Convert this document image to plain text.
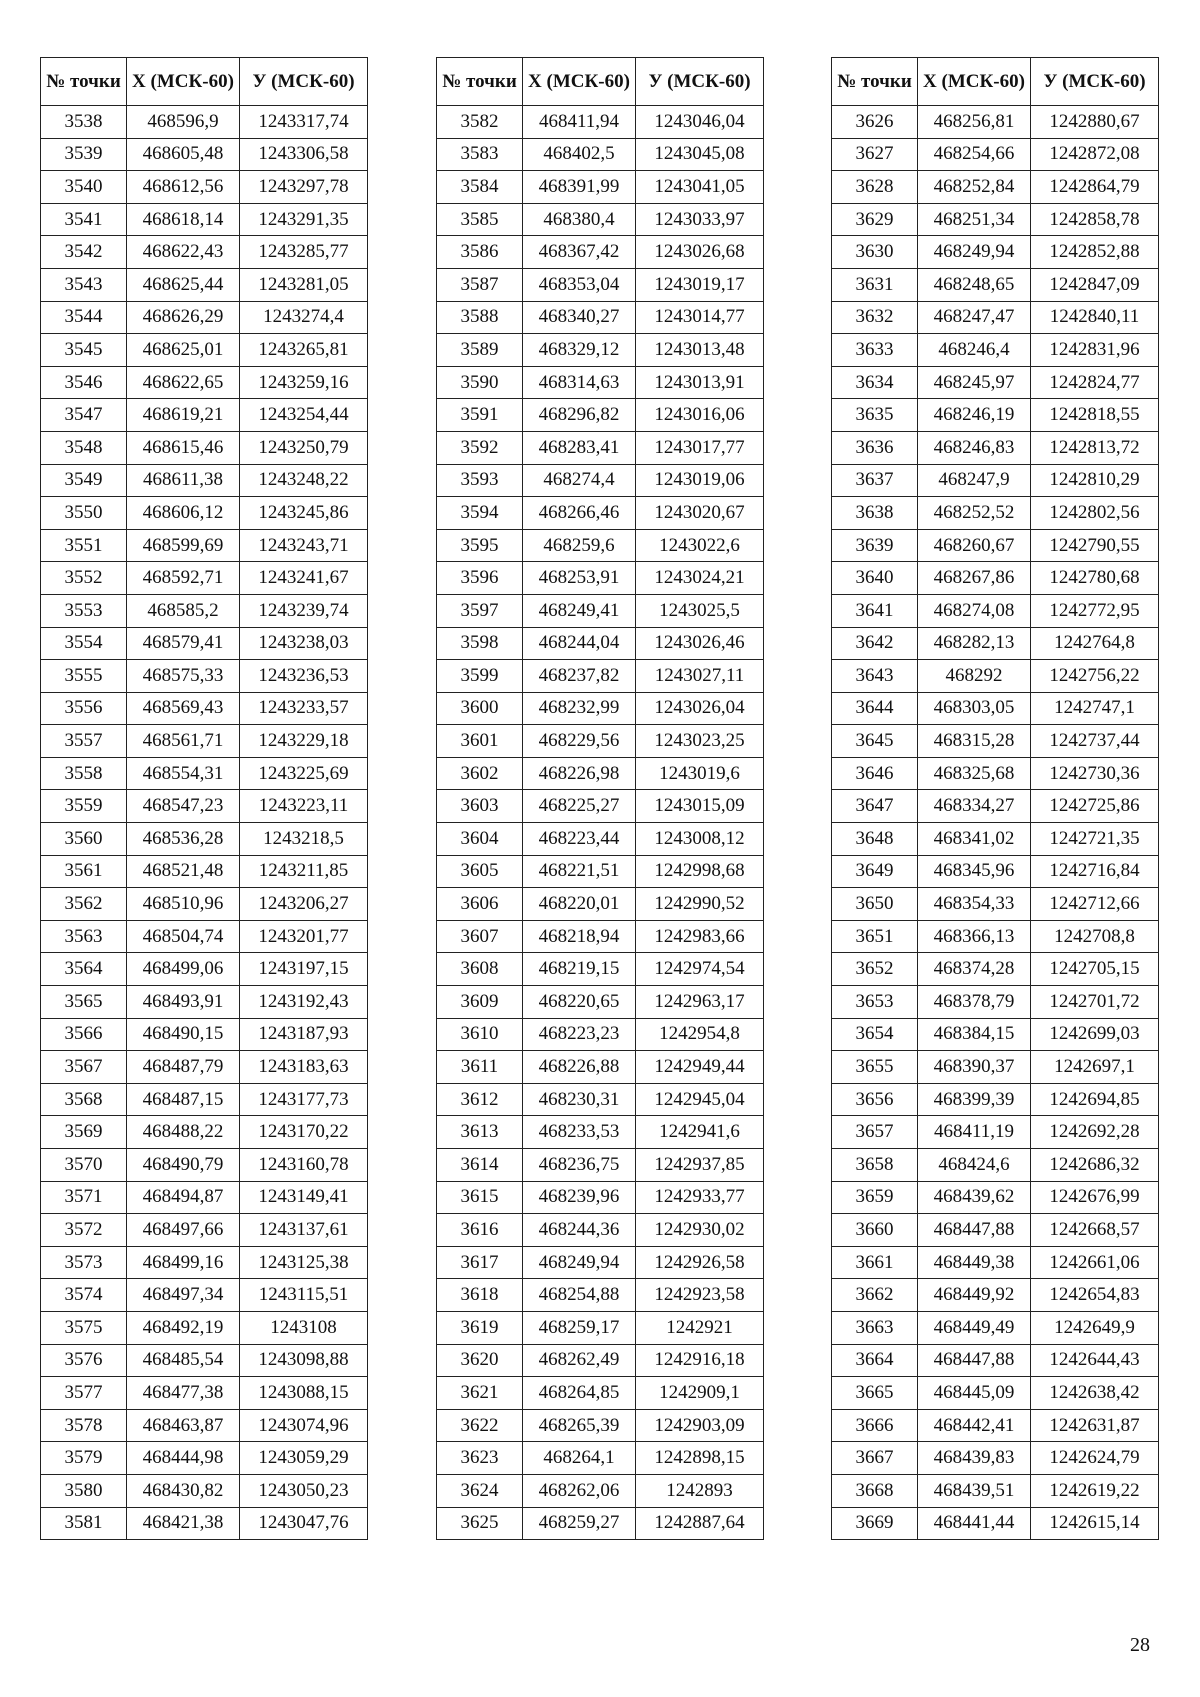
№ точки	Х (МСК-60)	У (МСК-60)
3538	468596,9	1243317,74
3539	468605,48	1243306,58
3540	468612,56	1243297,78
3541	468618,14	1243291,35
3542	468622,43	1243285,77
3543	468625,44	1243281,05
3544	468626,29	1243274,4
3545	468625,01	1243265,81
3546	468622,65	1243259,16
3547	468619,21	1243254,44
3548	468615,46	1243250,79
3549	468611,38	1243248,22
3550	468606,12	1243245,86
3551	468599,69	1243243,71
3552	468592,71	1243241,67
3553	468585,2	1243239,74
3554	468579,41	1243238,03
3555	468575,33	1243236,53
3556	468569,43	1243233,57
3557	468561,71	1243229,18
3558	468554,31	1243225,69
3559	468547,23	1243223,11
3560	468536,28	1243218,5
3561	468521,48	1243211,85
3562	468510,96	1243206,27
3563	468504,74	1243201,77
3564	468499,06	1243197,15
3565	468493,91	1243192,43
3566	468490,15	1243187,93
3567	468487,79	1243183,63
3568	468487,15	1243177,73
3569	468488,22	1243170,22
3570	468490,79	1243160,78
3571	468494,87	1243149,41
3572	468497,66	1243137,61
3573	468499,16	1243125,38
3574	468497,34	1243115,51
3575	468492,19	1243108
3576	468485,54	1243098,88
3577	468477,38	1243088,15
3578	468463,87	1243074,96
3579	468444,98	1243059,29
3580	468430,82	1243050,23
3581	468421,38	1243047,76
№ точки	Х (МСК-60)	У (МСК-60)
3582	468411,94	1243046,04
3583	468402,5	1243045,08
3584	468391,99	1243041,05
3585	468380,4	1243033,97
3586	468367,42	1243026,68
3587	468353,04	1243019,17
3588	468340,27	1243014,77
3589	468329,12	1243013,48
3590	468314,63	1243013,91
3591	468296,82	1243016,06
3592	468283,41	1243017,77
3593	468274,4	1243019,06
3594	468266,46	1243020,67
3595	468259,6	1243022,6
3596	468253,91	1243024,21
3597	468249,41	1243025,5
3598	468244,04	1243026,46
3599	468237,82	1243027,11
3600	468232,99	1243026,04
3601	468229,56	1243023,25
3602	468226,98	1243019,6
3603	468225,27	1243015,09
3604	468223,44	1243008,12
3605	468221,51	1242998,68
3606	468220,01	1242990,52
3607	468218,94	1242983,66
3608	468219,15	1242974,54
3609	468220,65	1242963,17
3610	468223,23	1242954,8
3611	468226,88	1242949,44
3612	468230,31	1242945,04
3613	468233,53	1242941,6
3614	468236,75	1242937,85
3615	468239,96	1242933,77
3616	468244,36	1242930,02
3617	468249,94	1242926,58
3618	468254,88	1242923,58
3619	468259,17	1242921
3620	468262,49	1242916,18
3621	468264,85	1242909,1
3622	468265,39	1242903,09
3623	468264,1	1242898,15
3624	468262,06	1242893
3625	468259,27	1242887,64
№ точки	Х (МСК-60)	У (МСК-60)
3626	468256,81	1242880,67
3627	468254,66	1242872,08
3628	468252,84	1242864,79
3629	468251,34	1242858,78
3630	468249,94	1242852,88
3631	468248,65	1242847,09
3632	468247,47	1242840,11
3633	468246,4	1242831,96
3634	468245,97	1242824,77
3635	468246,19	1242818,55
3636	468246,83	1242813,72
3637	468247,9	1242810,29
3638	468252,52	1242802,56
3639	468260,67	1242790,55
3640	468267,86	1242780,68
3641	468274,08	1242772,95
3642	468282,13	1242764,8
3643	468292	1242756,22
3644	468303,05	1242747,1
3645	468315,28	1242737,44
3646	468325,68	1242730,36
3647	468334,27	1242725,86
3648	468341,02	1242721,35
3649	468345,96	1242716,84
3650	468354,33	1242712,66
3651	468366,13	1242708,8
3652	468374,28	1242705,15
3653	468378,79	1242701,72
3654	468384,15	1242699,03
3655	468390,37	1242697,1
3656	468399,39	1242694,85
3657	468411,19	1242692,28
3658	468424,6	1242686,32
3659	468439,62	1242676,99
3660	468447,88	1242668,57
3661	468449,38	1242661,06
3662	468449,92	1242654,83
3663	468449,49	1242649,9
3664	468447,88	1242644,43
3665	468445,09	1242638,42
3666	468442,41	1242631,87
3667	468439,83	1242624,79
3668	468439,51	1242619,22
3669	468441,44	1242615,14
28
